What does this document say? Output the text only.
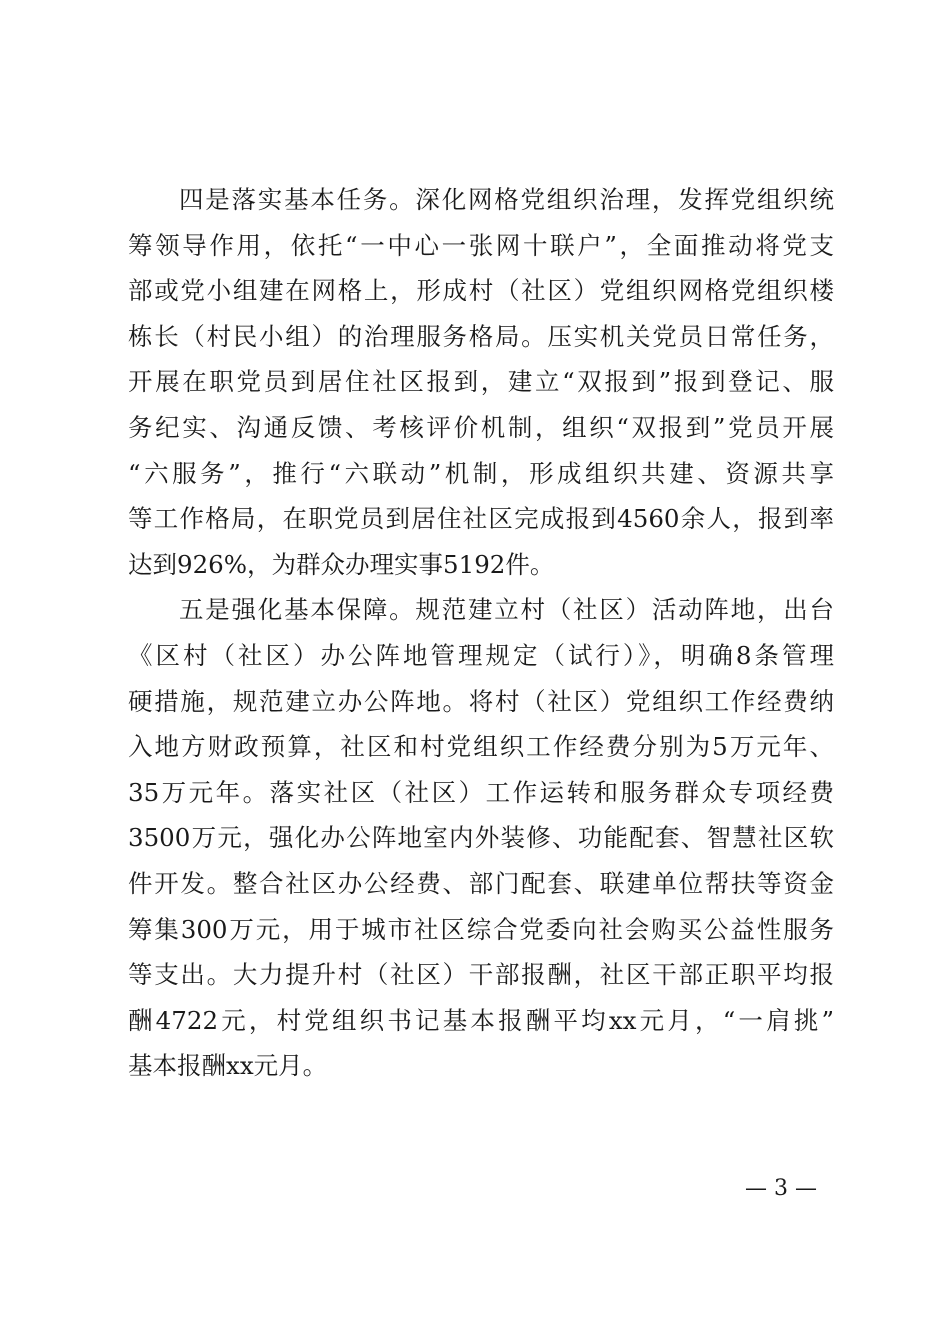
四是落实基本任务。深化网格党组织治理，发挥党组织统
筹领导作用，依托“一中心一张网十联户”，全面推动将党支
部或党小组建在网格上，形成村（社区）党组织网格党组织楼
栋长（村民小组）的治理服务格局。压实机关党员日常任务，
开展在职党员到居住社区报到，建立“双报到”报到登记、服
务纪实、沟通反馈、考核评价机制，组织“双报到”党员开展
“六服务”，推行“六联动”机制，形成组织共建、资源共享
等工作格局，在职党员到居住社区完成报到4560余人，报到率
达到926%，为群众办理实事5192件。
五是强化基本保障。规范建立村（社区）活动阵地，出台
《区村（社区）办公阵地管理规定（试行）》，明确8条管理
硬措施，规范建立办公阵地。将村（社区）党组织工作经费纳
入地方财政预算，社区和村党组织工作经费分别为5万元年、
35万元年。落实社区（社区）工作运转和服务群众专项经费
3500万元，强化办公阵地室内外装修、功能配套、智慧社区软
件开发。整合社区办公经费、部门配套、联建单位帮扶等资金
筹集300万元，用于城市社区综合党委向社会购买公益性服务
等支出。大力提升村（社区）干部报酬，社区干部正职平均报
酬4722元，村党组织书记基本报酬平均xx元月，“一肩挑”
基本报酬xx元月。
— 3 —
